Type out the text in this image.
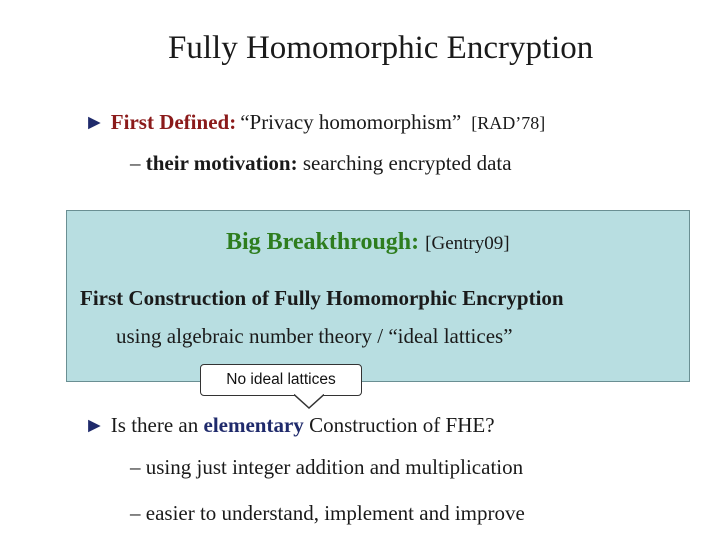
Fully Homomorphic Encryption
► First Defined: “Privacy homomorphism” [RAD’78]
– their motivation: searching encrypted data
Big Breakthrough: [Gentry09]
First Construction of Fully Homomorphic Encryption
using algebraic number theory / “ideal lattices”
No ideal lattices
► Is there an elementary Construction of FHE?
– using just integer addition and multiplication
– easier to understand, implement and improve
